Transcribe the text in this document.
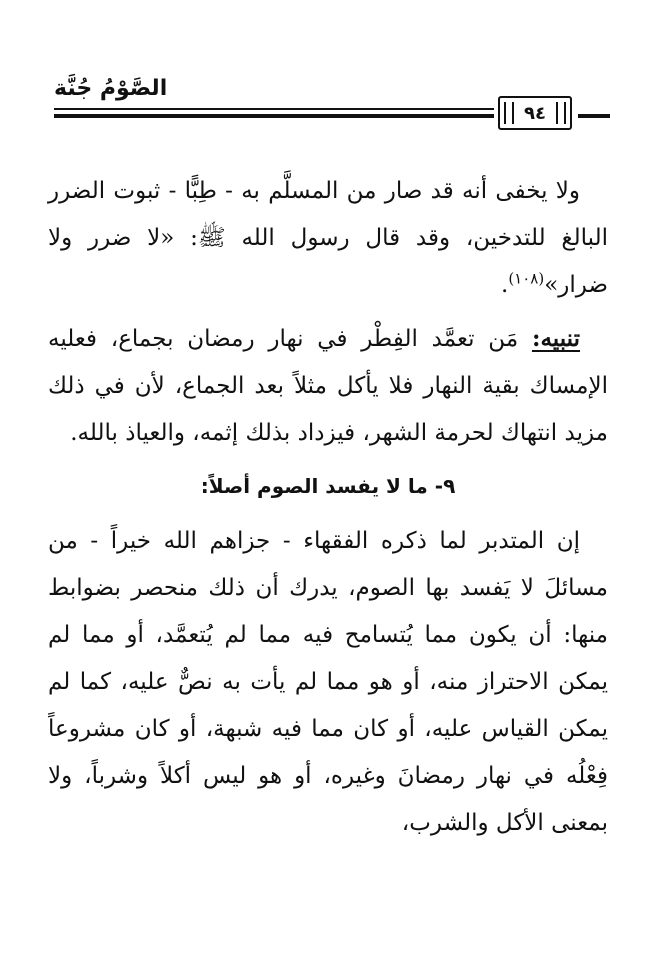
الصَّوْمُ جُنَّة
٩٤

ولا يخفى أنه قد صار من المسلَّم به - طِبًّا - ثبوت الضرر البالغ للتدخين، وقد قال رسول الله ﷺ: «لا ضرر ولا ضرار»$^{(١٠٨)}$.

تنبيه: مَن تعمَّد الفِطْر في نهار رمضان بجماع، فعليه الإمساك بقية النهار فلا يأكل مثلاً بعد الجماع، لأن في ذلك مزيد انتهاك لحرمة الشهر، فيزداد بذلك إثمه، والعياذ بالله.

٩- ما لا يفسد الصوم أصلاً:

إن المتدبر لما ذكره الفقهاء - جزاهم الله خيراً - من مسائلَ لا يَفسد بها الصوم، يدرك أن ذلك منحصر بضوابط منها: أن يكون مما يُتسامح فيه مما لم يُتعمَّد، أو مما لم يمكن الاحتراز منه، أو هو مما لم يأت به نصٌّ عليه، كما لم يمكن القياس عليه، أو كان مما فيه شبهة، أو كان مشروعاً فِعْلُه في نهار رمضانَ وغيره، أو هو ليس أكلاً وشرباً، ولا بمعنى الأكل والشرب،
